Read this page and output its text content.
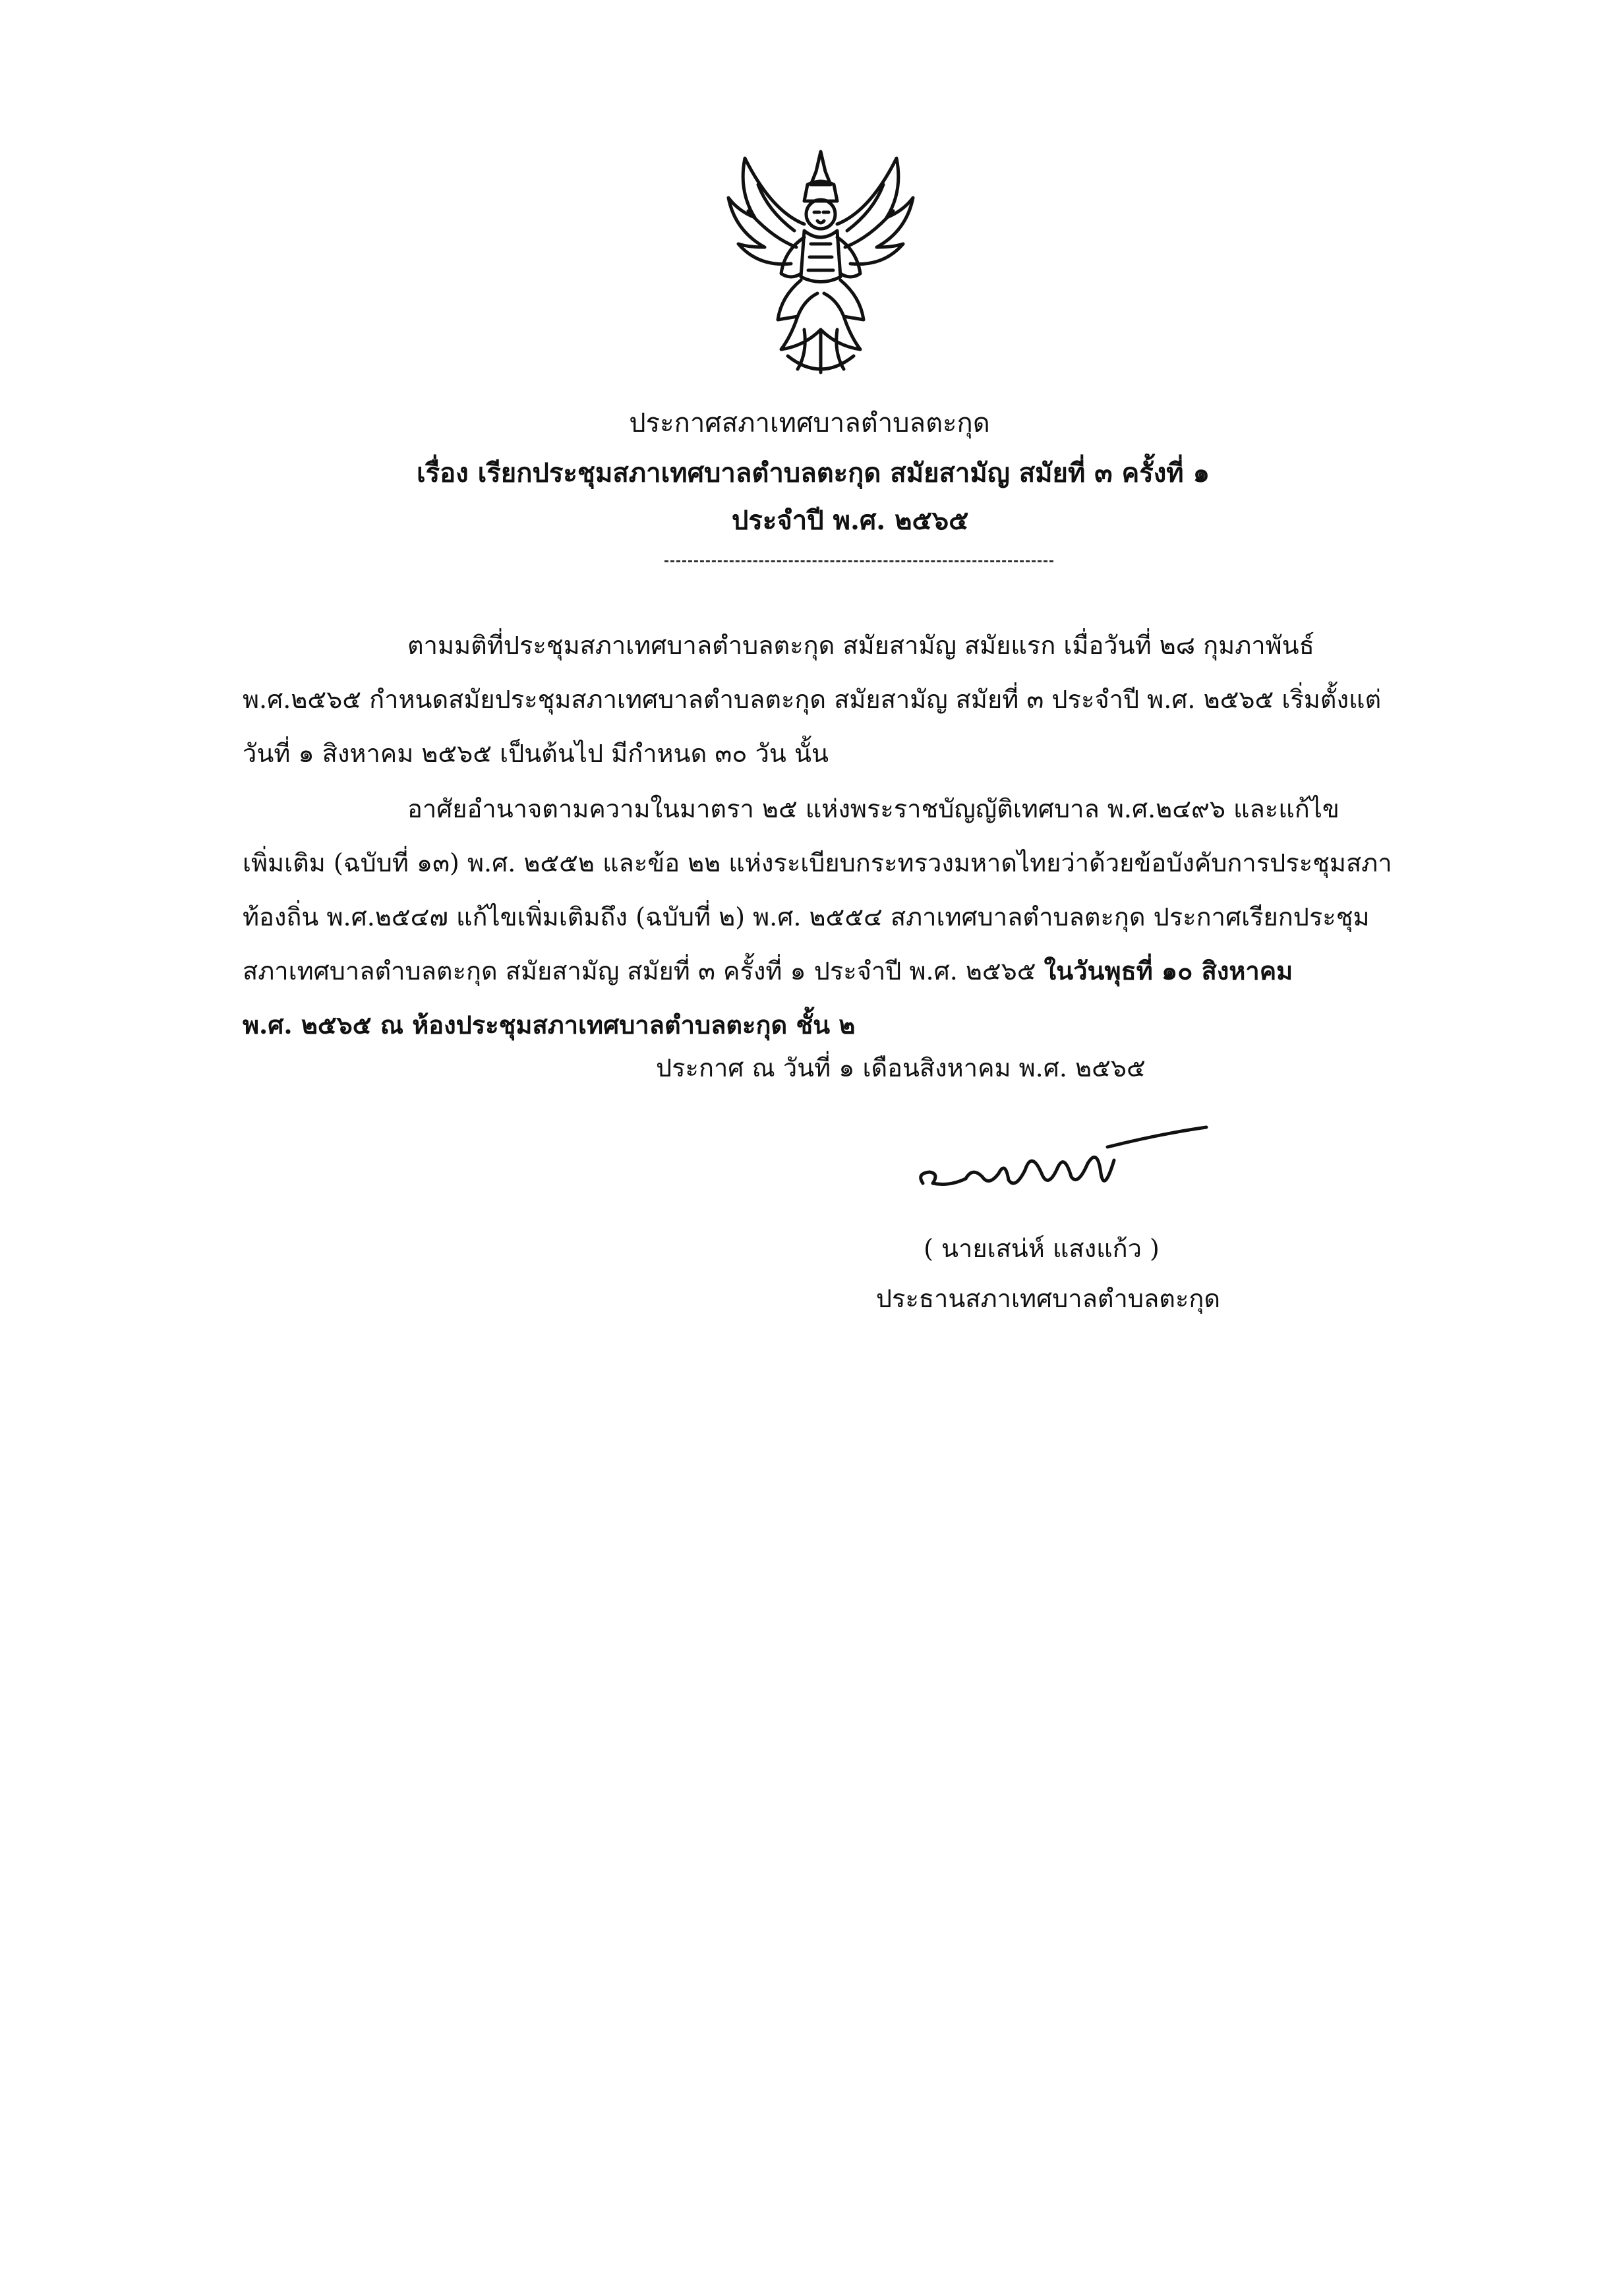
ประกาศสภาเทศบาลตำบลตะกุด
เรื่อง เรียกประชุมสภาเทศบาลตำบลตะกุด สมัยสามัญ สมัยที่ ๓ ครั้งที่ ๑
ประจำปี พ.ศ. ๒๕๖๕
ตามมติที่ประชุมสภาเทศบาลตำบลตะกุด สมัยสามัญ สมัยแรก เมื่อวันที่ ๒๘ กุมภาพันธ์
พ.ศ.๒๕๖๕ กำหนดสมัยประชุมสภาเทศบาลตำบลตะกุด สมัยสามัญ สมัยที่ ๓ ประจำปี พ.ศ. ๒๕๖๕ เริ่มตั้งแต่
วันที่ ๑ สิงหาคม ๒๕๖๕ เป็นต้นไป มีกำหนด ๓๐ วัน นั้น
อาศัยอำนาจตามความในมาตรา ๒๕ แห่งพระราชบัญญัติเทศบาล พ.ศ.๒๔๙๖ และแก้ไข
เพิ่มเติม (ฉบับที่ ๑๓) พ.ศ. ๒๕๕๒ และข้อ ๒๒ แห่งระเบียบกระทรวงมหาดไทยว่าด้วยข้อบังคับการประชุมสภา
ท้องถิ่น พ.ศ.๒๕๔๗ แก้ไขเพิ่มเติมถึง (ฉบับที่ ๒) พ.ศ. ๒๕๕๔ สภาเทศบาลตำบลตะกุด ประกาศเรียกประชุม
สภาเทศบาลตำบลตะกุด สมัยสามัญ สมัยที่ ๓ ครั้งที่ ๑ ประจำปี พ.ศ. ๒๕๖๕ ในวันพุธที่ ๑๐ สิงหาคม
พ.ศ. ๒๕๖๕ ณ ห้องประชุมสภาเทศบาลตำบลตะกุด ชั้น ๒
ประกาศ ณ วันที่ ๑ เดือนสิงหาคม พ.ศ. ๒๕๖๕
( นายเสน่ห์ แสงแก้ว )
ประธานสภาเทศบาลตำบลตะกุด
